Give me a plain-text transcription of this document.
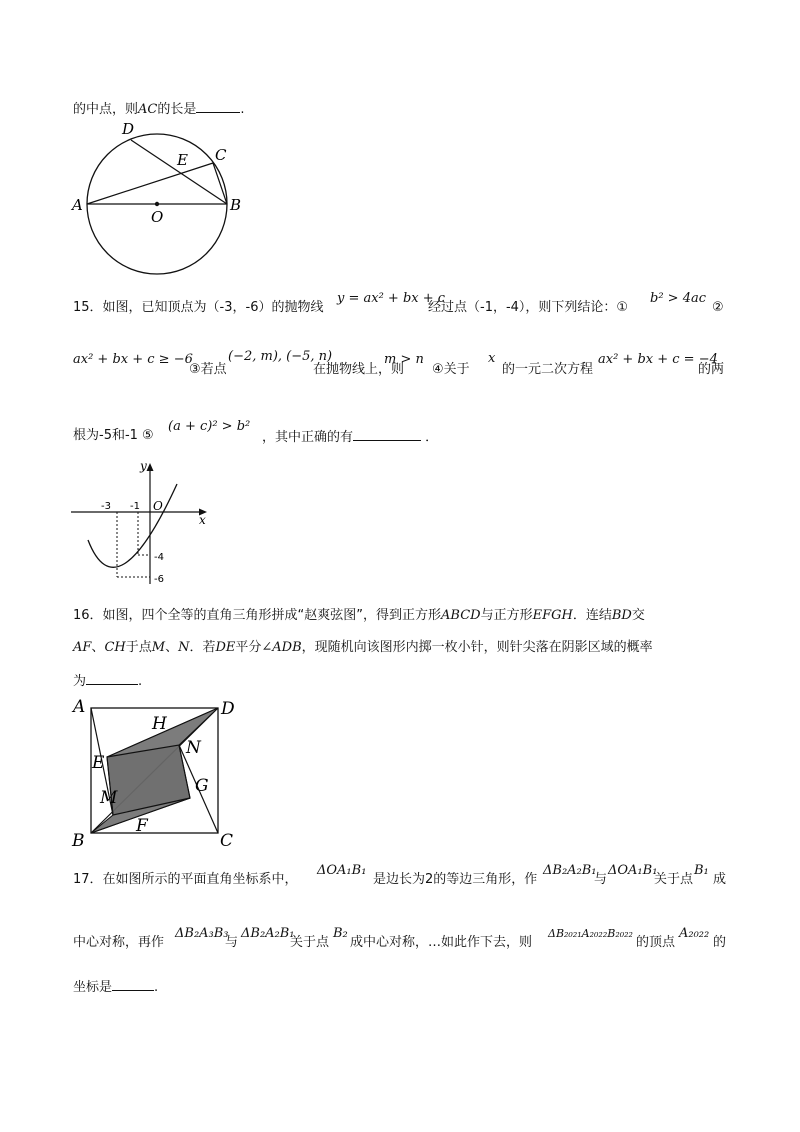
的中点，则AC的长是	.
A	B
C
D
E
O
15．如图，已知顶点为（-3，-6）的抛物线
y = ax² + bx + c
经过点（-1，-4），则下列结论：①
b² > 4ac
②
ax² + bx + c ≥ −6
③若点
(−2, m), (−5, n)
在抛物线上，则
m > n
④关于
x
的一元二次方程
ax² + bx + c = −4
的两
根为-5和-1 ⑤
(a + c)² > b²
，其中正确的有	．
-3 -1 O
-4
-6
x
y
16．如图，四个全等的直角三角形拼成“赵爽弦图”，得到正方形ABCD与正方形EFGH．连结BD交
AF、CH于点M、N．若DE平分∠ADB，现随机向该图形内掷一枚小针，则针尖落在阴影区域的概率
为	.
A
B	C
D
E
F
G
H
M
N
17．在如图所示的平面直角坐标系中，
ΔOA₁B₁
是边长为2的等边三角形，作
ΔB₂A₂B₁
与
ΔOA₁B₁
关于点
B₁
成
中心对称，再作
ΔB₂A₃B₃
与
ΔB₂A₂B₁
关于点
B₂
成中心对称，…如此作下去，则
ΔB₂₀₂₁A₂₀₂₂B₂₀₂₂
的顶点
A₂₀₂₂
的
坐标是	.
